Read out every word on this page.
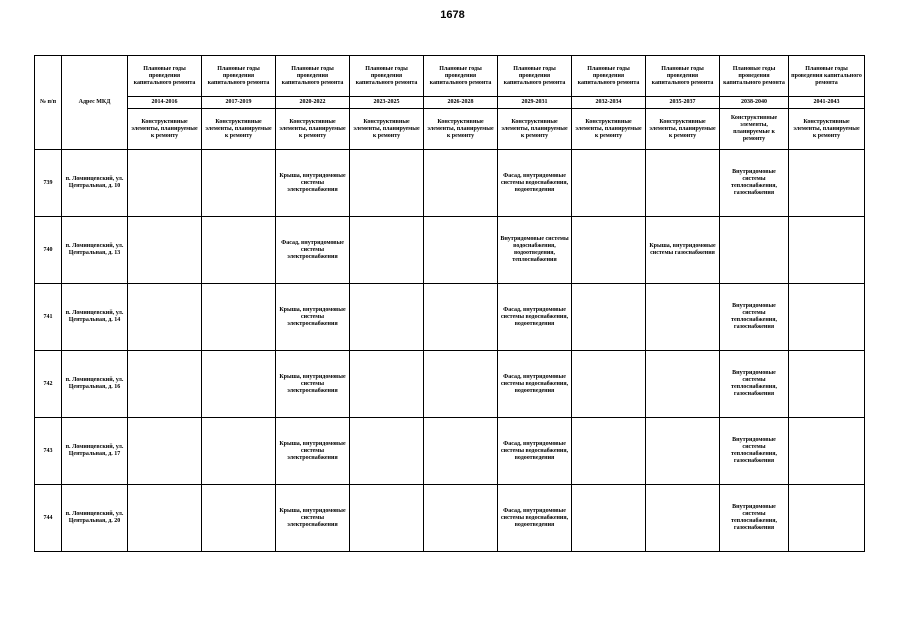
1678
№ п/п	Адрес МКД	Плановые годы проведения капитального ремонта	Плановые годы проведения капитального ремонта	Плановые годы проведения капитального ремонта	Плановые годы проведения капитального ремонта	Плановые годы проведения капитального ремонта	Плановые годы проведения капитального ремонта	Плановые годы проведения капитального ремонта	Плановые годы проведения капитального ремонта	Плановые годы проведения капитального ремонта	Плановые годы проведения капитального ремонта
		2014-2016	2017-2019	2020-2022	2023-2025	2026-2028	2029-2031	2032-2034	2035-2037	2038-2040	2041-2043
		Конструктивные элементы, планируемые к ремонту	Конструктивные элементы, планируемые к ремонту	Конструктивные элементы, планируемые к ремонту	Конструктивные элементы, планируемые к ремонту	Конструктивные элементы, планируемые к ремонту	Конструктивные элементы, планируемые к ремонту	Конструктивные элементы, планируемые к ремонту	Конструктивные элементы, планируемые к ремонту	Конструктивные элементы, планируемые к ремонту	Конструктивные элементы, планируемые к ремонту
739	п. Ломинцевский, ул. Центральная, д. 10			Крыша, внутридомовые системы электроснабжения			Фасад, внутридомовые системы водоснабжения, водоотведения			Внутридомовые системы теплоснабжения, газоснабжения	
740	п. Ломинцевский, ул. Центральная, д. 13			Фасад, внутридомовые системы электроснабжения			Внутридомовые системы водоснабжения, водоотведения, теплоснабжения		Крыша, внутридомовые системы газоснабжения		
741	п. Ломинцевский, ул. Центральная, д. 14			Крыша, внутридомовые системы электроснабжения			Фасад, внутридомовые системы водоснабжения, водоотведения			Внутридомовые системы теплоснабжения, газоснабжения	
742	п. Ломинцевский, ул. Центральная, д. 16			Крыша, внутридомовые системы электроснабжения			Фасад, внутридомовые системы водоснабжения, водоотведения			Внутридомовые системы теплоснабжения, газоснабжения	
743	п. Ломинцевский, ул. Центральная, д. 17			Крыша, внутридомовые системы электроснабжения			Фасад, внутридомовые системы водоснабжения, водоотведения			Внутридомовые системы теплоснабжения, газоснабжения	
744	п. Ломинцевский, ул. Центральная, д. 20			Крыша, внутридомовые системы электроснабжения			Фасад, внутридомовые системы водоснабжения, водоотведения			Внутридомовые системы теплоснабжения, газоснабжения	
